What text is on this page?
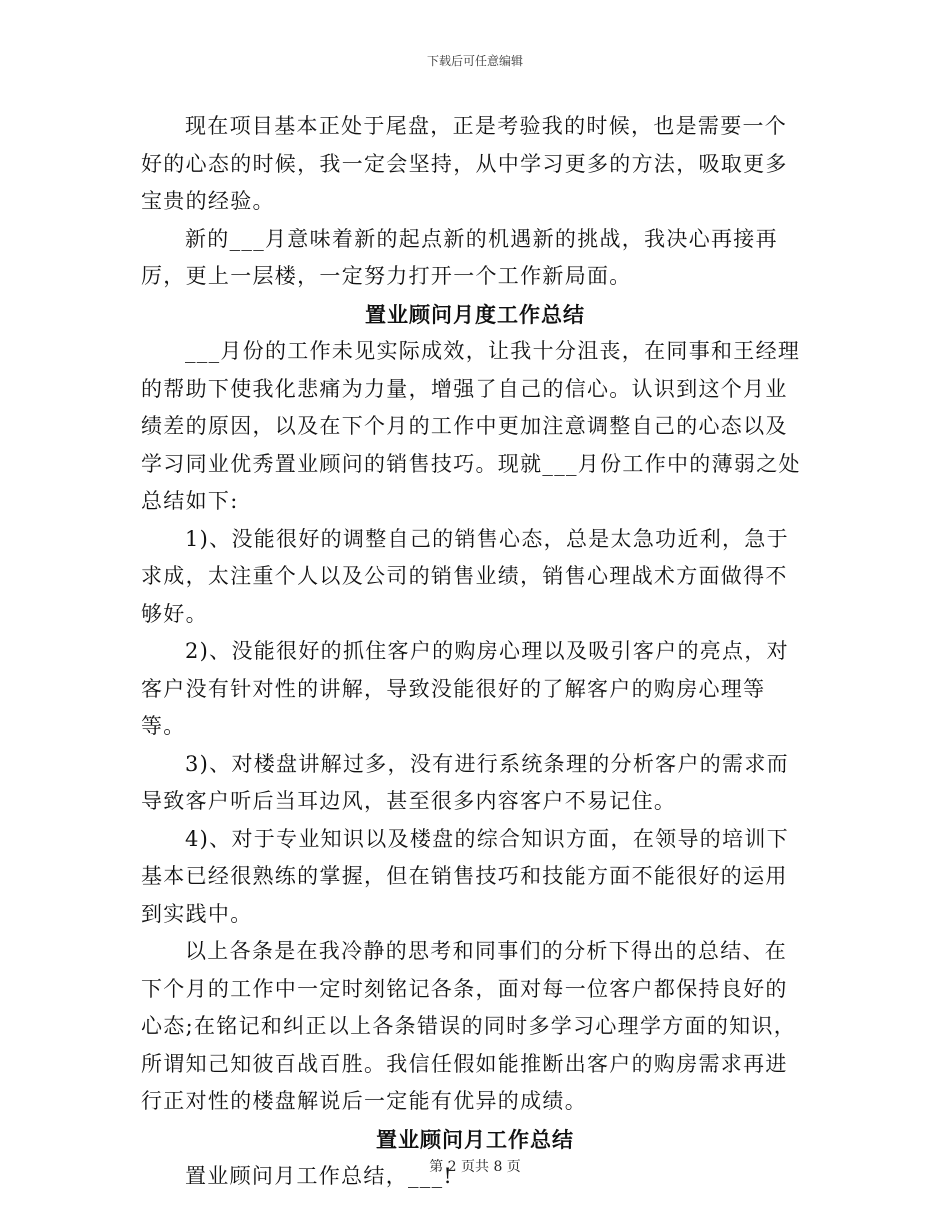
下载后可任意编辑

现在项目基本正处于尾盘，正是考验我的时候，也是需要一个好的心态的时候，我一定会坚持，从中学习更多的方法，吸取更多宝贵的经验。

新的___月意味着新的起点新的机遇新的挑战，我决心再接再厉，更上一层楼，一定努力打开一个工作新局面。

置业顾问月度工作总结

___月份的工作未见实际成效，让我十分沮丧，在同事和王经理的帮助下使我化悲痛为力量，增强了自己的信心。认识到这个月业绩差的原因，以及在下个月的工作中更加注意调整自己的心态以及学习同业优秀置业顾问的销售技巧。现就___月份工作中的薄弱之处总结如下:

1)、没能很好的调整自己的销售心态，总是太急功近利，急于求成，太注重个人以及公司的销售业绩，销售心理战术方面做得不够好。

2)、没能很好的抓住客户的购房心理以及吸引客户的亮点，对客户没有针对性的讲解，导致没能很好的了解客户的购房心理等等。

3)、对楼盘讲解过多，没有进行系统条理的分析客户的需求而导致客户听后当耳边风，甚至很多内容客户不易记住。

4)、对于专业知识以及楼盘的综合知识方面，在领导的培训下基本已经很熟练的掌握，但在销售技巧和技能方面不能很好的运用到实践中。

以上各条是在我冷静的思考和同事们的分析下得出的总结、在下个月的工作中一定时刻铭记各条，面对每一位客户都保持良好的心态;在铭记和纠正以上各条错误的同时多学习心理学方面的知识，所谓知己知彼百战百胜。我信任假如能推断出客户的购房需求再进行正对性的楼盘解说后一定能有优异的成绩。

置业顾问月工作总结

置业顾问月工作总结，___!

第 2 页共 8 页
